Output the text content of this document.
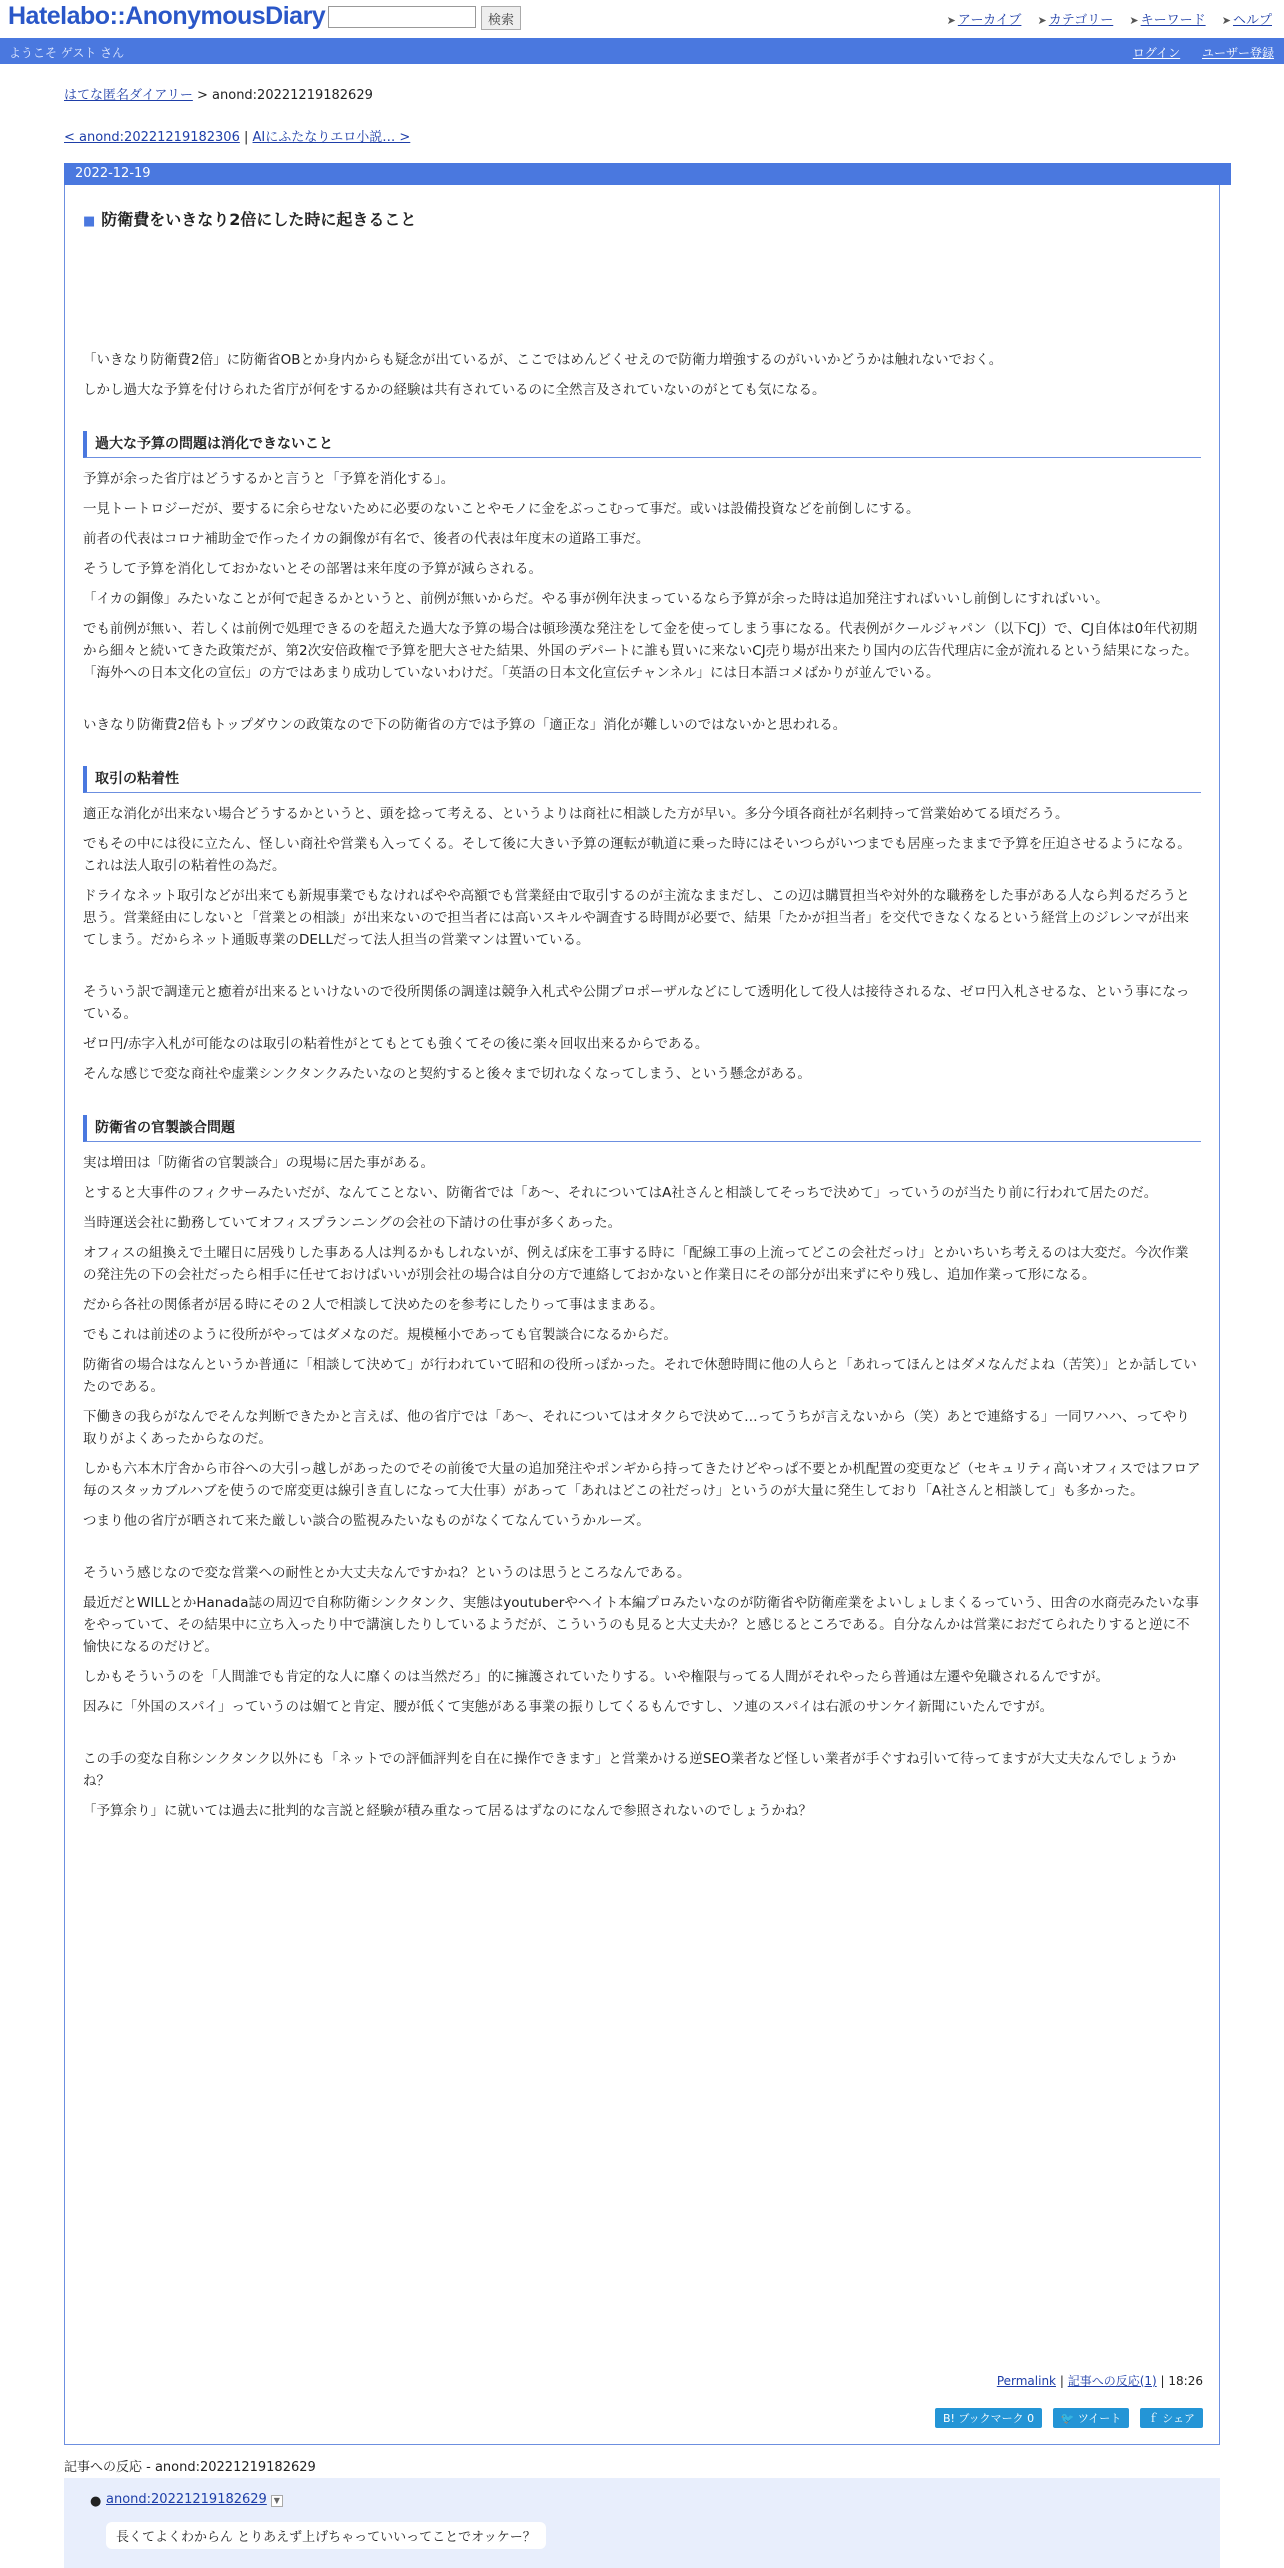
Hatelabo::AnonymousDiary	検索	➤ アーカイブ ➤ カテゴリー ➤ キーワード ➤ ヘルプ
ようこそ ゲスト さん	ログイン ユーザー登録
はてな匿名ダイアリー > anond:20221219182629
< anond:20221219182306 | AIにふたなりエロ小説… >
2022-12-19
■ 防衛費をいきなり2倍にした時に起きること

「いきなり防衛費2倍」に防衛省OBとか身内からも疑念が出ているが、ここではめんどくせえので防衛力増強するのがいいかどうかは触れないでおく。

しかし過大な予算を付けられた省庁が何をするかの経験は共有されているのに全然言及されていないのがとても気になる。

過大な予算の問題は消化できないこと

予算が余った省庁はどうするかと言うと「予算を消化する」。

一見トートロジーだが、要するに余らせないために必要のないことやモノに金をぶっこむって事だ。或いは設備投資などを前倒しにする。

前者の代表はコロナ補助金で作ったイカの銅像が有名で、後者の代表は年度末の道路工事だ。

そうして予算を消化しておかないとその部署は来年度の予算が減らされる。

「イカの銅像」みたいなことが何で起きるかというと、前例が無いからだ。やる事が例年決まっているなら予算が余った時は追加発注すればいいし前倒しにすればいい。

でも前例が無い、若しくは前例で処理できるのを超えた過大な予算の場合は頓珍漢な発注をして金を使ってしまう事になる。代表例がクールジャパン（以下CJ）で、CJ自体は0年代初期から細々と続いてきた政策だが、第2次安倍政権で予算を肥大させた結果、外国のデパートに誰も買いに来ないCJ売り場が出来たり国内の広告代理店に金が流れるという結果になった。「海外への日本文化の宣伝」の方ではあまり成功していないわけだ。「英語の日本文化宣伝チャンネル」には日本語コメばかりが並んでいる。

いきなり防衛費2倍もトップダウンの政策なので下の防衛省の方では予算の「適正な」消化が難しいのではないかと思われる。

取引の粘着性

適正な消化が出来ない場合どうするかというと、頭を捻って考える、というよりは商社に相談した方が早い。多分今頃各商社が名刺持って営業始めてる頃だろう。

でもその中には役に立たん、怪しい商社や営業も入ってくる。そして後に大きい予算の運転が軌道に乗った時にはそいつらがいつまでも居座ったままで予算を圧迫させるようになる。これは法人取引の粘着性の為だ。

ドライなネット取引などが出来ても新規事業でもなければやや高額でも営業経由で取引するのが主流なままだし、この辺は購買担当や対外的な職務をした事がある人なら判るだろうと思う。営業経由にしないと「営業との相談」が出来ないので担当者には高いスキルや調査する時間が必要で、結果「たかが担当者」を交代できなくなるという経営上のジレンマが出来てしまう。だからネット通販専業のDELLだって法人担当の営業マンは置いている。

そういう訳で調達元と癒着が出来るといけないので役所関係の調達は競争入札式や公開プロポーザルなどにして透明化して役人は接待されるな、ゼロ円入札させるな、という事になっている。

ゼロ円/赤字入札が可能なのは取引の粘着性がとてもとても強くてその後に楽々回収出来るからである。

そんな感じで変な商社や虚業シンクタンクみたいなのと契約すると後々まで切れなくなってしまう、という懸念がある。

防衛省の官製談合問題

実は増田は「防衛省の官製談合」の現場に居た事がある。

とすると大事件のフィクサーみたいだが、なんてことない、防衛省では「あ～、それについてはA社さんと相談してそっちで決めて」っていうのが当たり前に行われて居たのだ。

当時運送会社に勤務していてオフィスプランニングの会社の下請けの仕事が多くあった。

オフィスの組換えで土曜日に居残りした事ある人は判るかもしれないが、例えば床を工事する時に「配線工事の上流ってどこの会社だっけ」とかいちいち考えるのは大変だ。今次作業の発注先の下の会社だったら相手に任せておけばいいが別会社の場合は自分の方で連絡しておかないと作業日にその部分が出来ずにやり残し、追加作業って形になる。

だから各社の関係者が居る時にその２人で相談して決めたのを参考にしたりって事はままある。

でもこれは前述のように役所がやってはダメなのだ。規模極小であっても官製談合になるからだ。

防衛省の場合はなんというか普通に「相談して決めて」が行われていて昭和の役所っぽかった。それで休憩時間に他の人らと「あれってほんとはダメなんだよね（苦笑）」とか話していたのである。

下働きの我らがなんでそんな判断できたかと言えば、他の省庁では「あ～、それについてはオタクらで決めて…ってうちが言えないから（笑）あとで連絡する」一同ワハハ、ってやり取りがよくあったからなのだ。

しかも六本木庁舎から市谷への大引っ越しがあったのでその前後で大量の追加発注やポンギから持ってきたけどやっぱ不要とか机配置の変更など（セキュリティ高いオフィスではフロア毎のスタッカブルハブを使うので席変更は線引き直しになって大仕事）があって「あれはどこの社だっけ」というのが大量に発生しており「A社さんと相談して」も多かった。

つまり他の省庁が晒されて来た厳しい談合の監視みたいなものがなくてなんていうかルーズ。

そういう感じなので変な営業への耐性とか大丈夫なんですかね？というのは思うところなんである。

最近だとWILLとかHanada誌の周辺で自称防衛シンクタンク、実態はyoutuberやヘイト本編プロみたいなのが防衛省や防衛産業をよいしょしまくるっていう、田舎の水商売みたいな事をやっていて、その結果中に立ち入ったり中で講演したりしているようだが、こういうのも見ると大丈夫か？と感じるところである。自分なんかは営業におだてられたりすると逆に不愉快になるのだけど。

しかもそういうのを「人間誰でも肯定的な人に靡くのは当然だろ」的に擁護されていたりする。いや権限与ってる人間がそれやったら普通は左遷や免職されるんですが。

因みに「外国のスパイ」っていうのは媚てと肯定、腰が低くて実態がある事業の振りしてくるもんですし、ソ連のスパイは右派のサンケイ新聞にいたんですが。

この手の変な自称シンクタンク以外にも「ネットでの評価評判を自在に操作できます」と営業かける逆SEO業者など怪しい業者が手ぐすね引いて待ってますが大丈夫なんでしょうかね？

「予算余り」に就いては過去に批判的な言説と経験が積み重なって居るはずなのになんで参照されないのでしょうかね？

Permalink | 記事への反応(1) | 18:26
B! ブックマーク 0 🐦 ツイート ｆ シェア
記事への反応 - anond:20221219182629
● anond:20221219182629 ▼
長くてよくわからん とりあえず上げちゃっていいってことでオッケー？
